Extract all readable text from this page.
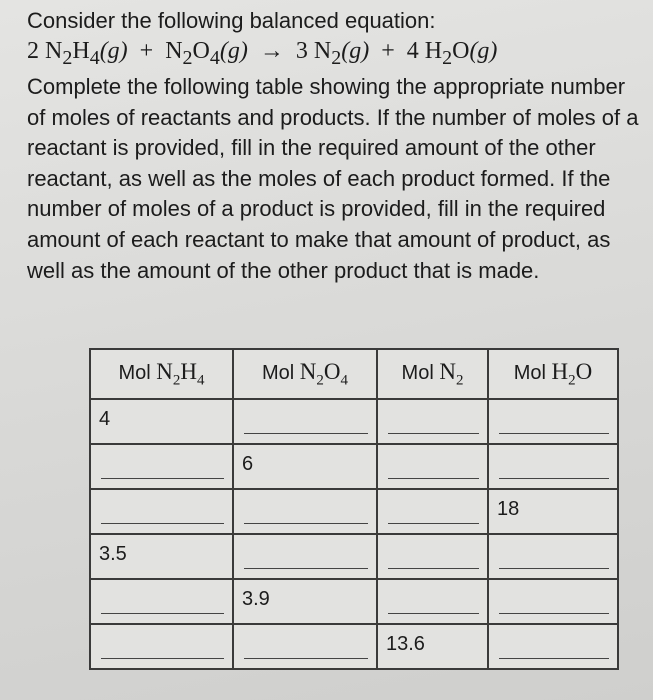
Consider the following balanced equation:

2 $N_2H_4(g) + N_2O_4(g) \to 3$ $N_2(g) + 4$ $H_2O(g)$

Complete the following table showing the appropriate number of moles of reactants and products. If the number of moles of a reactant is provided, fill in the required amount of the other reactant, as well as the moles of each product formed. If the number of moles of a product is provided, fill in the required amount of each reactant to make that amount of product, as well as the amount of the other product that is made.

Mol $N_2H_4$	Mol $N_2O_4$	Mol $N_2$	Mol $H_2O$

4			

	6		

			18

3.5			

	3.9		

		13.6	
